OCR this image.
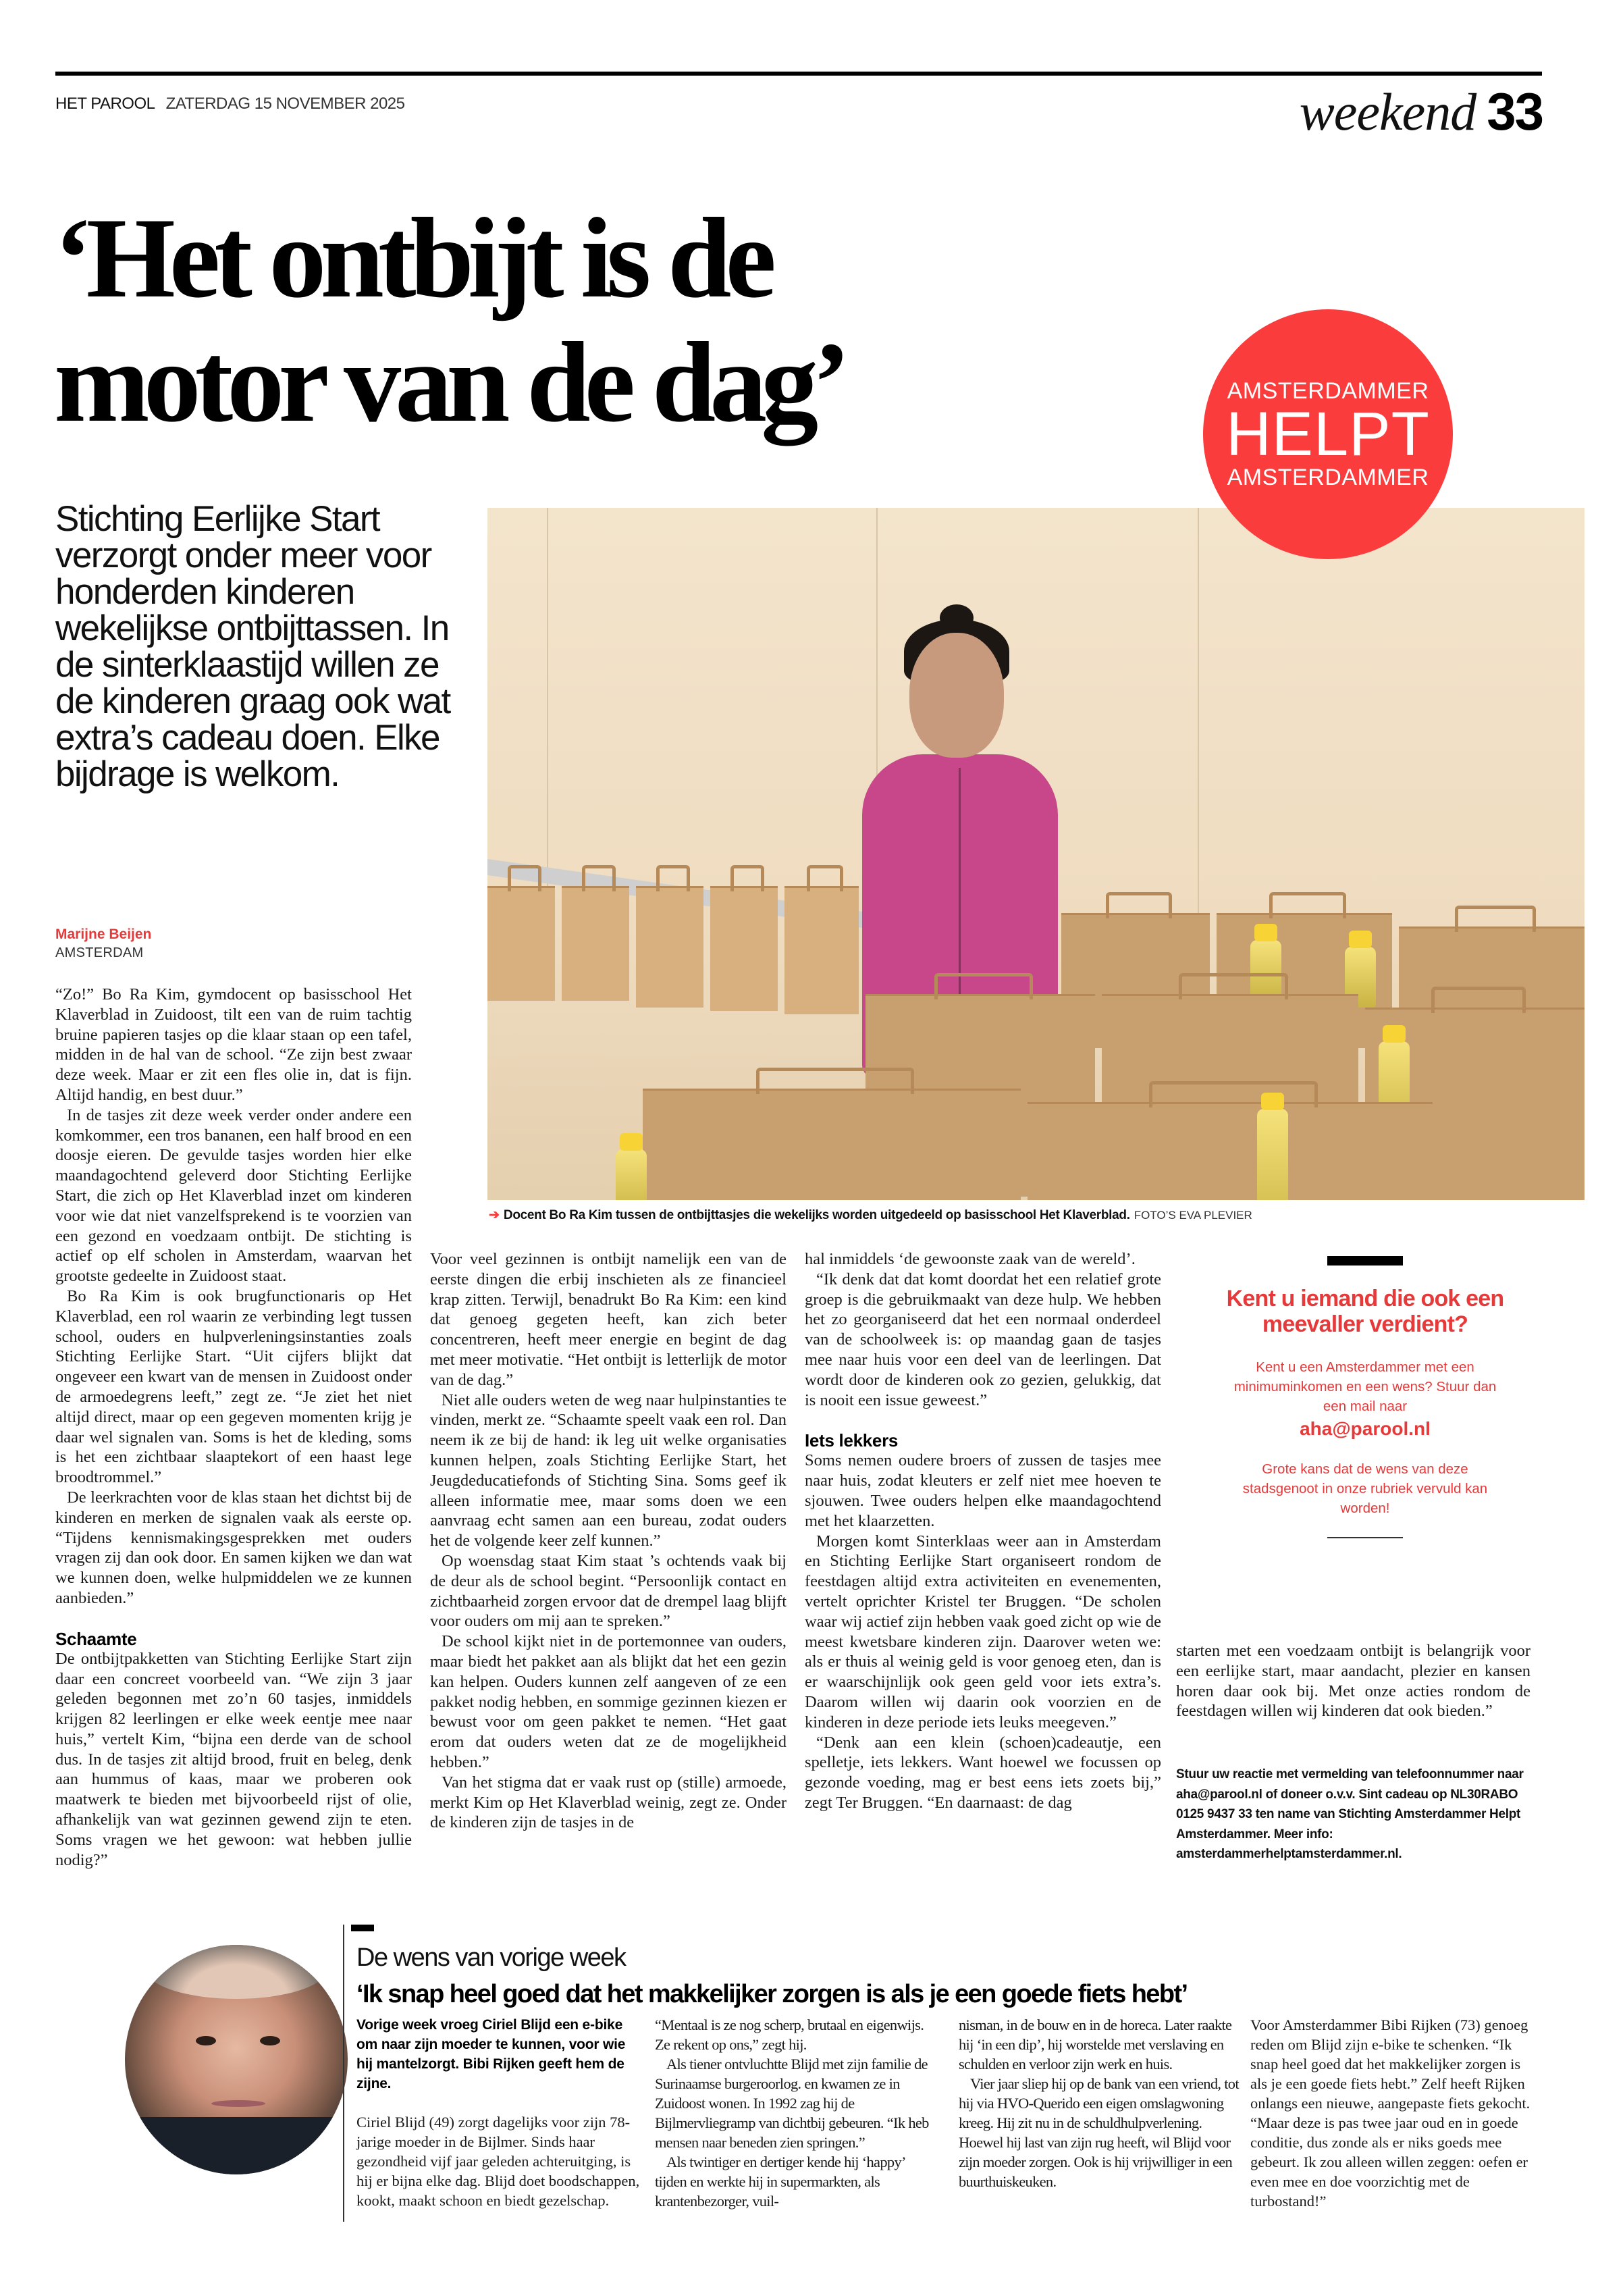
HET PAROOL ZATERDAG 15 NOVEMBER 2025	weekend 33
‘Het ontbijt is de
motor van de dag’	AMSTERDAMMER
HELPT
AMSTERDAMMER

Stichting Eerlijke Start verzorgt onder meer voor honderden kinderen wekelijkse ontbijttassen. In de sinterklaastijd willen ze de kinderen graag ook wat extra’s cadeau doen. Elke bijdrage is welkom.

➔ Docent Bo Ra Kim tussen de ontbijttasjes die wekelijks worden uitgedeeld op basisschool Het Klaverblad. FOTO’S EVA PLEVIER
Marijne Beijen
AMSTERDAM

“Zo!” Bo Ra Kim, gymdocent op basisschool Het Klaverblad in Zuidoost, tilt een van de ruim tachtig bruine papieren tasjes op die klaar staan op een tafel, midden in de hal van de school. “Ze zijn best zwaar deze week. Maar er zit een fles olie in, dat is fijn. Altijd handig, en best duur.”

In de tasjes zit deze week verder onder andere een komkommer, een tros bananen, een half brood en een doosje eieren. De gevulde tasjes worden hier elke maandagochtend geleverd door Stichting Eerlijke Start, die zich op Het Klaverblad inzet om kinderen voor wie dat niet vanzelfsprekend is te voorzien van een gezond en voedzaam ontbijt. De stichting is actief op elf scholen in Amsterdam, waarvan het grootste gedeelte in Zuidoost staat.

Bo Ra Kim is ook brugfunctionaris op Het Klaverblad, een rol waarin ze verbinding legt tussen school, ouders en hulpverleningsinstanties zoals Stichting Eerlijke Start. “Uit cijfers blijkt dat ongeveer een kwart van de mensen in Zuidoost onder de armoedegrens leeft,” zegt ze. “Je ziet het niet altijd direct, maar op een gegeven momenten krijg je daar wel signalen van. Soms is het de kleding, soms is het een zichtbaar slaaptekort of een haast lege broodtrommel.”

De leerkrachten voor de klas staan het dichtst bij de kinderen en merken de signalen vaak als eerste op. “Tijdens kennismakingsgesprekken met ouders vragen zij dan ook door. En samen kijken we dan wat we kunnen doen, welke hulpmiddelen we ze kunnen aanbieden.”

Schaamte

De ontbijtpakketten van Stichting Eerlijke Start zijn daar een concreet voorbeeld van. “We zijn 3 jaar geleden begonnen met zo’n 60 tasjes, inmiddels krijgen 82 leerlingen er elke week eentje mee naar huis,” vertelt Kim, “bijna een derde van de school dus. In de tasjes zit altijd brood, fruit en beleg, denk aan hummus of kaas, maar we proberen ook maatwerk te bieden met bijvoorbeeld rijst of olie, afhankelijk van wat gezinnen gewend zijn te eten. Soms vragen we het gewoon: wat hebben jullie nodig?”

Voor veel gezinnen is ontbijt namelijk een van de eerste dingen die erbij inschieten als ze financieel krap zitten. Terwijl, benadrukt Bo Ra Kim: een kind dat genoeg gegeten heeft, kan zich beter concentreren, heeft meer energie en begint de dag met meer motivatie. “Het ontbijt is letterlijk de motor van de dag.”

Niet alle ouders weten de weg naar hulpinstanties te vinden, merkt ze. “Schaamte speelt vaak een rol. Dan neem ik ze bij de hand: ik leg uit welke organisaties kunnen helpen, zoals Stichting Eerlijke Start, het Jeugdeducatiefonds of Stichting Sina. Soms geef ik alleen informatie mee, maar soms doen we een aanvraag echt samen aan een bureau, zodat ouders het de volgende keer zelf kunnen.”

Op woensdag staat Kim staat ’s ochtends vaak bij de deur als de school begint. “Persoonlijk contact en zichtbaarheid zorgen ervoor dat de drempel laag blijft voor ouders om mij aan te spreken.”

De school kijkt niet in de portemonnee van ouders, maar biedt het pakket aan als blijkt dat het een gezin kan helpen. Ouders kunnen zelf aangeven of ze een pakket nodig hebben, en sommige gezinnen kiezen er bewust voor om geen pakket te nemen. “Het gaat erom dat ouders weten dat ze de mogelijkheid hebben.”

Van het stigma dat er vaak rust op (stille) armoede, merkt Kim op Het Klaverblad weinig, zegt ze. Onder de kinderen zijn de tasjes in de

hal inmiddels ‘de gewoonste zaak van de wereld’.

“Ik denk dat dat komt doordat het een relatief grote groep is die gebruikmaakt van deze hulp. We hebben het zo georganiseerd dat het een normaal onderdeel van de schoolweek is: op maandag gaan de tasjes mee naar huis voor een deel van de leerlingen. Dat wordt door de kinderen ook zo gezien, gelukkig, dat is nooit een issue geweest.”

Iets lekkers

Soms nemen oudere broers of zussen de tasjes mee naar huis, zodat kleuters er zelf niet mee hoeven te sjouwen. Twee ouders helpen elke maandagochtend met het klaarzetten.

Morgen komt Sinterklaas weer aan in Amsterdam en Stichting Eerlijke Start organiseert rondom de feestdagen altijd extra activiteiten en evenementen, vertelt oprichter Kristel ter Bruggen. “De scholen waar wij actief zijn hebben vaak goed zicht op wie de meest kwetsbare kinderen zijn. Daarover weten we: als er thuis al weinig geld is voor genoeg eten, dan is er waarschijnlijk ook geen geld voor iets extra’s. Daarom willen wij daarin ook voorzien en de kinderen in deze periode iets leuks meegeven.”

“Denk aan een klein (schoen)cadeautje, een spelletje, iets lekkers. Want hoewel we focussen op gezonde voeding, mag er best eens iets zoets bij,” zegt Ter Bruggen. “En daarnaast: de dag

starten met een voedzaam ontbijt is belangrijk voor een eerlijke start, maar aandacht, plezier en kansen horen daar ook bij. Met onze acties rondom de feestdagen willen wij kinderen dat ook bieden.”

Kent u iemand die ook een meevaller verdient?
Kent u een Amsterdammer met een minimuminkomen en een wens? Stuur dan een mail naar
aha@parool.nl
Grote kans dat de wens van deze stadsgenoot in onze rubriek vervuld kan worden!

Stuur uw reactie met vermelding van telefoonnummer naar aha@parool.nl of doneer o.v.v. Sint cadeau op NL30RABO 0125 9437 33 ten name van Stichting Amsterdammer Helpt Amsterdammer. Meer info: amsterdammerhelptamsterdammer.nl.

De wens van vorige week
‘Ik snap heel goed dat het makkelijker zorgen is als je een goede fiets hebt’

Vorige week vroeg Ciriel Blijd een e-bike om naar zijn moeder te kunnen, voor wie hij mantelzorgt. Bibi Rijken geeft hem de zijne.

Ciriel Blijd (49) zorgt dagelijks voor zijn 78-jarige moeder in de Bijlmer. Sinds haar gezondheid vijf jaar geleden achteruitging, is hij er bijna elke dag. Blijd doet boodschappen, kookt, maakt schoon en biedt gezelschap.

“Mentaal is ze nog scherp, brutaal en eigenwijs. Ze rekent op ons,” zegt hij.

Als tiener ontvluchtte Blijd met zijn familie de Surinaamse burgeroorlog. en kwamen ze in Zuidoost wonen. In 1992 zag hij de Bijlmervliegramp van dichtbij gebeuren. “Ik heb mensen naar beneden zien springen.”

Als twintiger en dertiger kende hij ‘happy’ tijden en werkte hij in supermarkten, als krantenbezorger, vuil-

nisman, in de bouw en in de horeca. Later raakte hij ‘in een dip’, hij worstelde met verslaving en schulden en verloor zijn werk en huis.

Vier jaar sliep hij op de bank van een vriend, tot hij via HVO-Querido een eigen omslagwoning kreeg. Hij zit nu in de schuldhulpverlening. Hoewel hij last van zijn rug heeft, wil Blijd voor zijn moeder zorgen. Ook is hij vrijwilliger in een buurthuiskeuken.

Voor Amsterdammer Bibi Rijken (73) genoeg reden om Blijd zijn e-bike te schenken. “Ik snap heel goed dat het makkelijker zorgen is als je een goede fiets hebt.” Zelf heeft Rijken onlangs een nieuwe, aangepaste fiets gekocht. “Maar deze is pas twee jaar oud en in goede conditie, dus zonde als er niks goeds mee gebeurt. Ik zou alleen willen zeggen: oefen er even mee en doe voorzichtig met de turbostand!”
